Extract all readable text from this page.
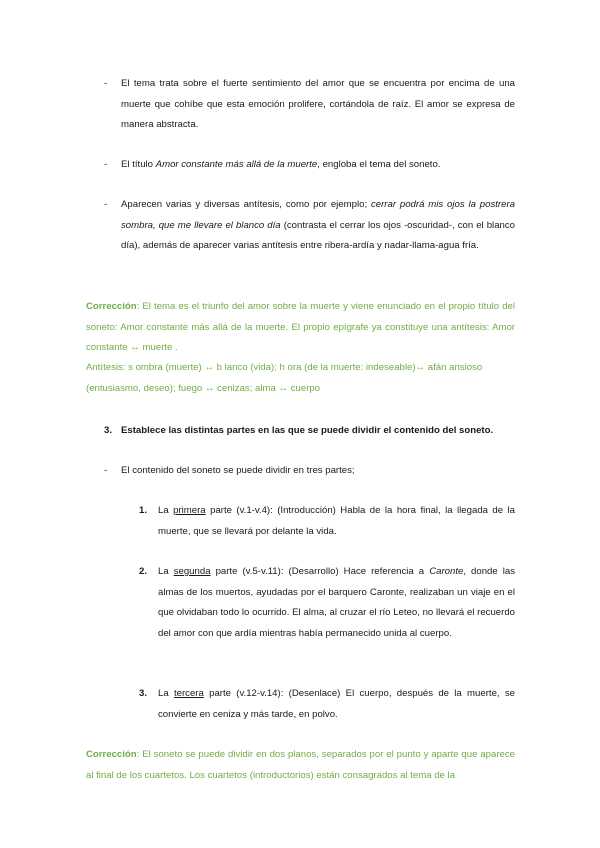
- El tema trata sobre el fuerte sentimiento del amor que se encuentra por encima de una muerte que cohíbe que esta emoción prolifere, cortándola de raíz. El amor se expresa de manera abstracta.

- El título Amor constante más allá de la muerte, engloba el tema del soneto.

- Aparecen varias y diversas antítesis, como por ejemplo; cerrar podrá mis ojos la postrera sombra, que me llevare el blanco día (contrasta el cerrar los ojos -oscuridad-, con el blanco día), además de aparecer varias antítesis entre ribera-ardía y nadar-llama-agua fría.

Corrección: El tema es el triunfo del amor sobre la muerte y viene enunciado en el propio título del soneto: Amor constante más allá de la muerte. El propio epígrafe ya constituye una antítesis: Amor constante ↔ muerte .

Antítesis: s ombra (muerte) ↔ b lanco (vida); h ora (de la muerte: indeseable)↔ afán ansioso (entusiasmo, deseo); fuego ↔ cenizas; alma ↔ cuerpo

3. Establece las distintas partes en las que se puede dividir el contenido del soneto.

- El contenido del soneto se puede dividir en tres partes;

1. La primera parte (v.1-v.4): (Introducción) Habla de la hora final, la llegada de la muerte, que se llevará por delante la vida.

2. La segunda parte (v.5-v.11): (Desarrollo) Hace referencia a Caronte, donde las almas de los muertos, ayudadas por el barquero Caronte, realizaban un viaje en el que olvidaban todo lo ocurrido. El alma, al cruzar el río Leteo, no llevará el recuerdo del amor con que ardía mientras había permanecido unida al cuerpo.

3. La tercera parte (v.12-v.14): (Desenlace) El cuerpo, después de la muerte, se convierte en ceniza y más tarde, en polvo.

Corrección: El soneto se puede dividir en dos planos, separados por el punto y aparte que aparece al final de los cuartetos. Los cuartetos (introductorios) están consagrados al tema de la
